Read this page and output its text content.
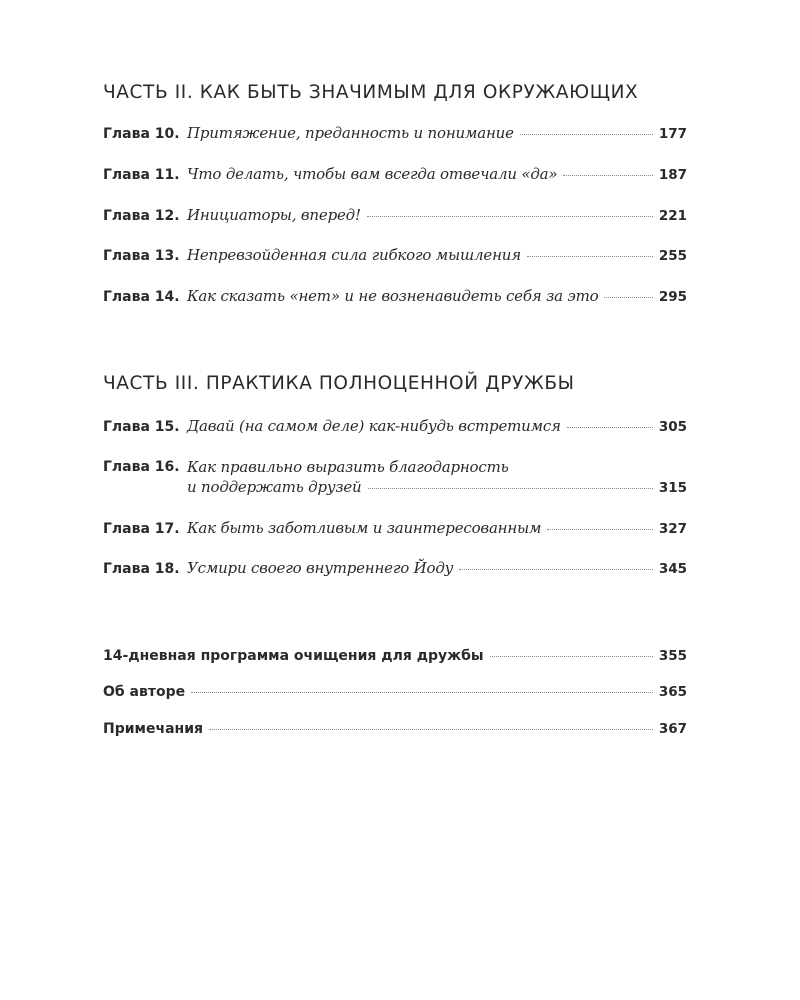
ЧАСТЬ II. КАК БЫТЬ ЗНАЧИМЫМ ДЛЯ ОКРУЖАЮЩИХ
Глава 10. Притяжение, преданность и понимание	177
Глава 11. Что делать, чтобы вам всегда отвечали «да»	187
Глава 12. Инициаторы, вперед!	221
Глава 13. Непревзойденная сила гибкого мышления	255
Глава 14. Как сказать «нет» и не возненавидеть себя за это	295
ЧАСТЬ III. ПРАКТИКА ПОЛНОЦЕННОЙ ДРУЖБЫ
Глава 15. Давай (на самом деле) как-нибудь встретимся	305
Глава 16. Как правильно выразить благодарность
и поддержать друзей	315
Глава 17. Как быть заботливым и заинтересованным	327
Глава 18. Усмири своего внутреннего Йоду	345
14-дневная программа очищения для дружбы	355
Об авторе	365
Примечания	367
